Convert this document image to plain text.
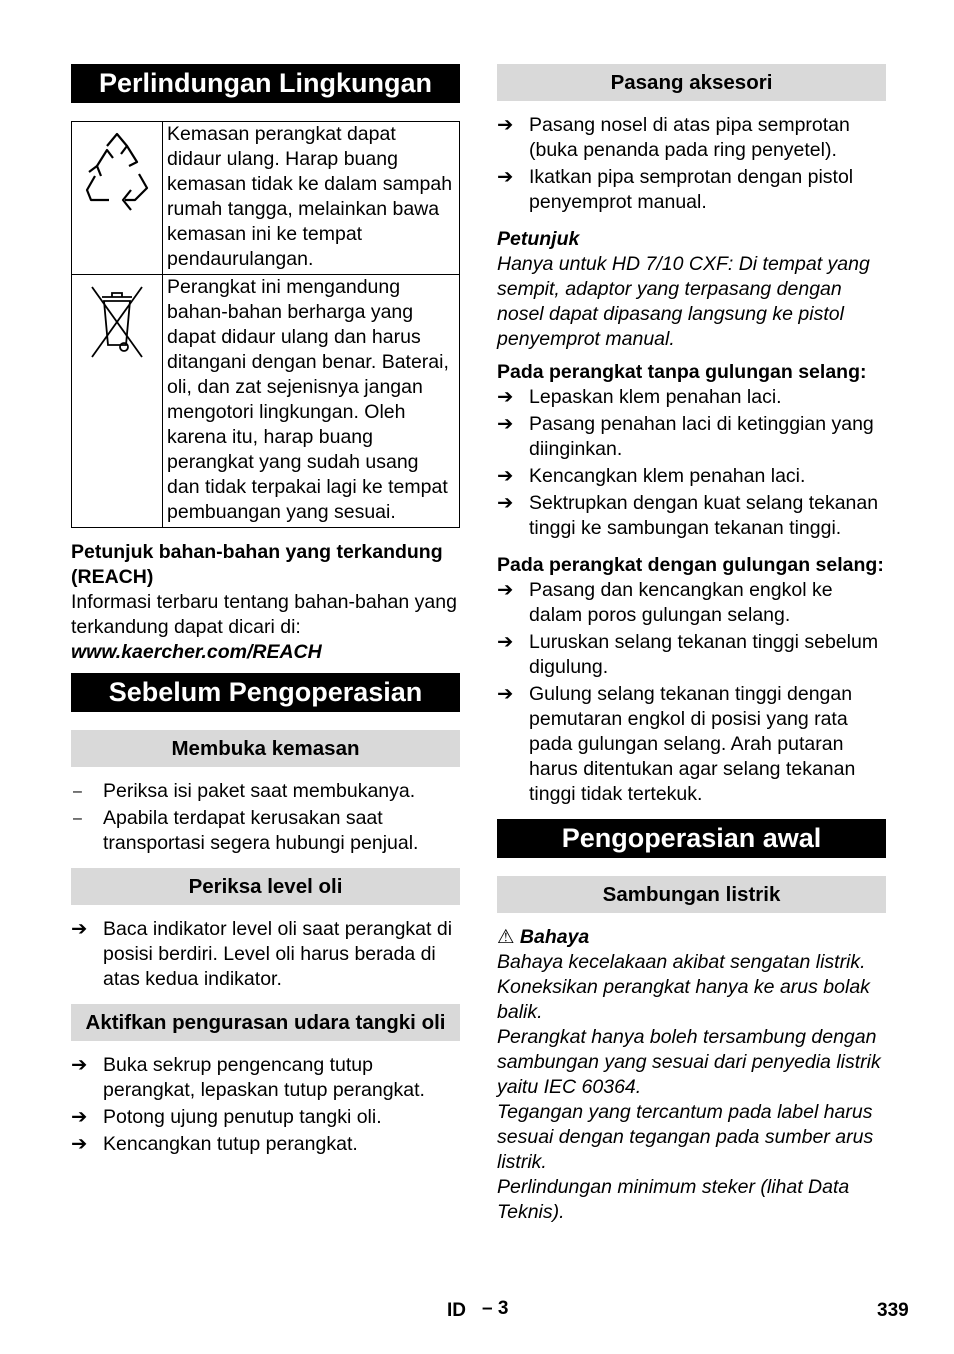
Perlindungan Lingkungan
	Kemasan perangkat dapat didaur ulang. Harap buang kemasan tidak ke dalam sampah rumah tangga, melainkan bawa kemasan ini ke tempat pendaurulangan.
	Perangkat ini mengandung bahan-bahan berharga yang dapat didaur ulang dan harus ditangani dengan benar. Baterai, oli, dan zat sejenisnya jangan mengotori lingkungan. Oleh karena itu, harap buang perangkat yang sudah usang dan tidak terpakai lagi ke tempat pembuangan yang sesuai.

Petunjuk bahan-bahan yang terkandung (REACH)

Informasi terbaru tentang bahan-bahan yang terkandung dapat dicari di:

www.kaercher.com/REACH

Sebelum Pengoperasian
Membuka kemasan
–	Periksa isi paket saat membukanya.
–	Apabila terdapat kerusakan saat transportasi segera hubungi penjual.
Periksa level oli
➔ Baca indikator level oli saat perangkat di posisi berdiri. Level oli harus berada di atas kedua indikator.
Aktifkan pengurasan udara tangki oli
➔ Buka sekrup pengencang tutup perangkat, lepaskan tutup perangkat.
➔ Potong ujung penutup tangki oli.
➔ Kencangkan tutup perangkat.
Pasang aksesori
➔ Pasang nosel di atas pipa semprotan (buka penanda pada ring penyetel).
➔ Ikatkan pipa semprotan dengan pistol penyemprot manual.

Petunjuk

Hanya untuk HD 7/10 CXF: Di tempat yang sempit, adaptor yang terpasang dengan nosel dapat dipasang langsung ke pistol penyemprot manual.

Pada perangkat tanpa gulungan selang:

➔ Lepaskan klem penahan laci.
➔ Pasang penahan laci di ketinggian yang diinginkan.
➔ Kencangkan klem penahan laci.
➔ Sektrupkan dengan kuat selang tekanan tinggi ke sambungan tekanan tinggi.

Pada perangkat dengan gulungan selang:

➔ Pasang dan kencangkan engkol ke dalam poros gulungan selang.
➔ Luruskan selang tekanan tinggi sebelum digulung.
➔ Gulung selang tekanan tinggi dengan pemutaran engkol di posisi yang rata pada gulungan selang. Arah putaran harus ditentukan agar selang tekanan tinggi tidak tertekuk.
Pengoperasian awal
Sambungan listrik

⚠ Bahaya

Bahaya kecelakaan akibat sengatan listrik.

Koneksikan perangkat hanya ke arus bolak balik.

Perangkat hanya boleh tersambung dengan sambungan yang sesuai dari penyedia listrik yaitu IEC 60364.

Tegangan yang tercantum pada label harus sesuai dengan tegangan pada sumber arus listrik.

Perlindungan minimum steker (lihat Data Teknis).

ID – 3	339
